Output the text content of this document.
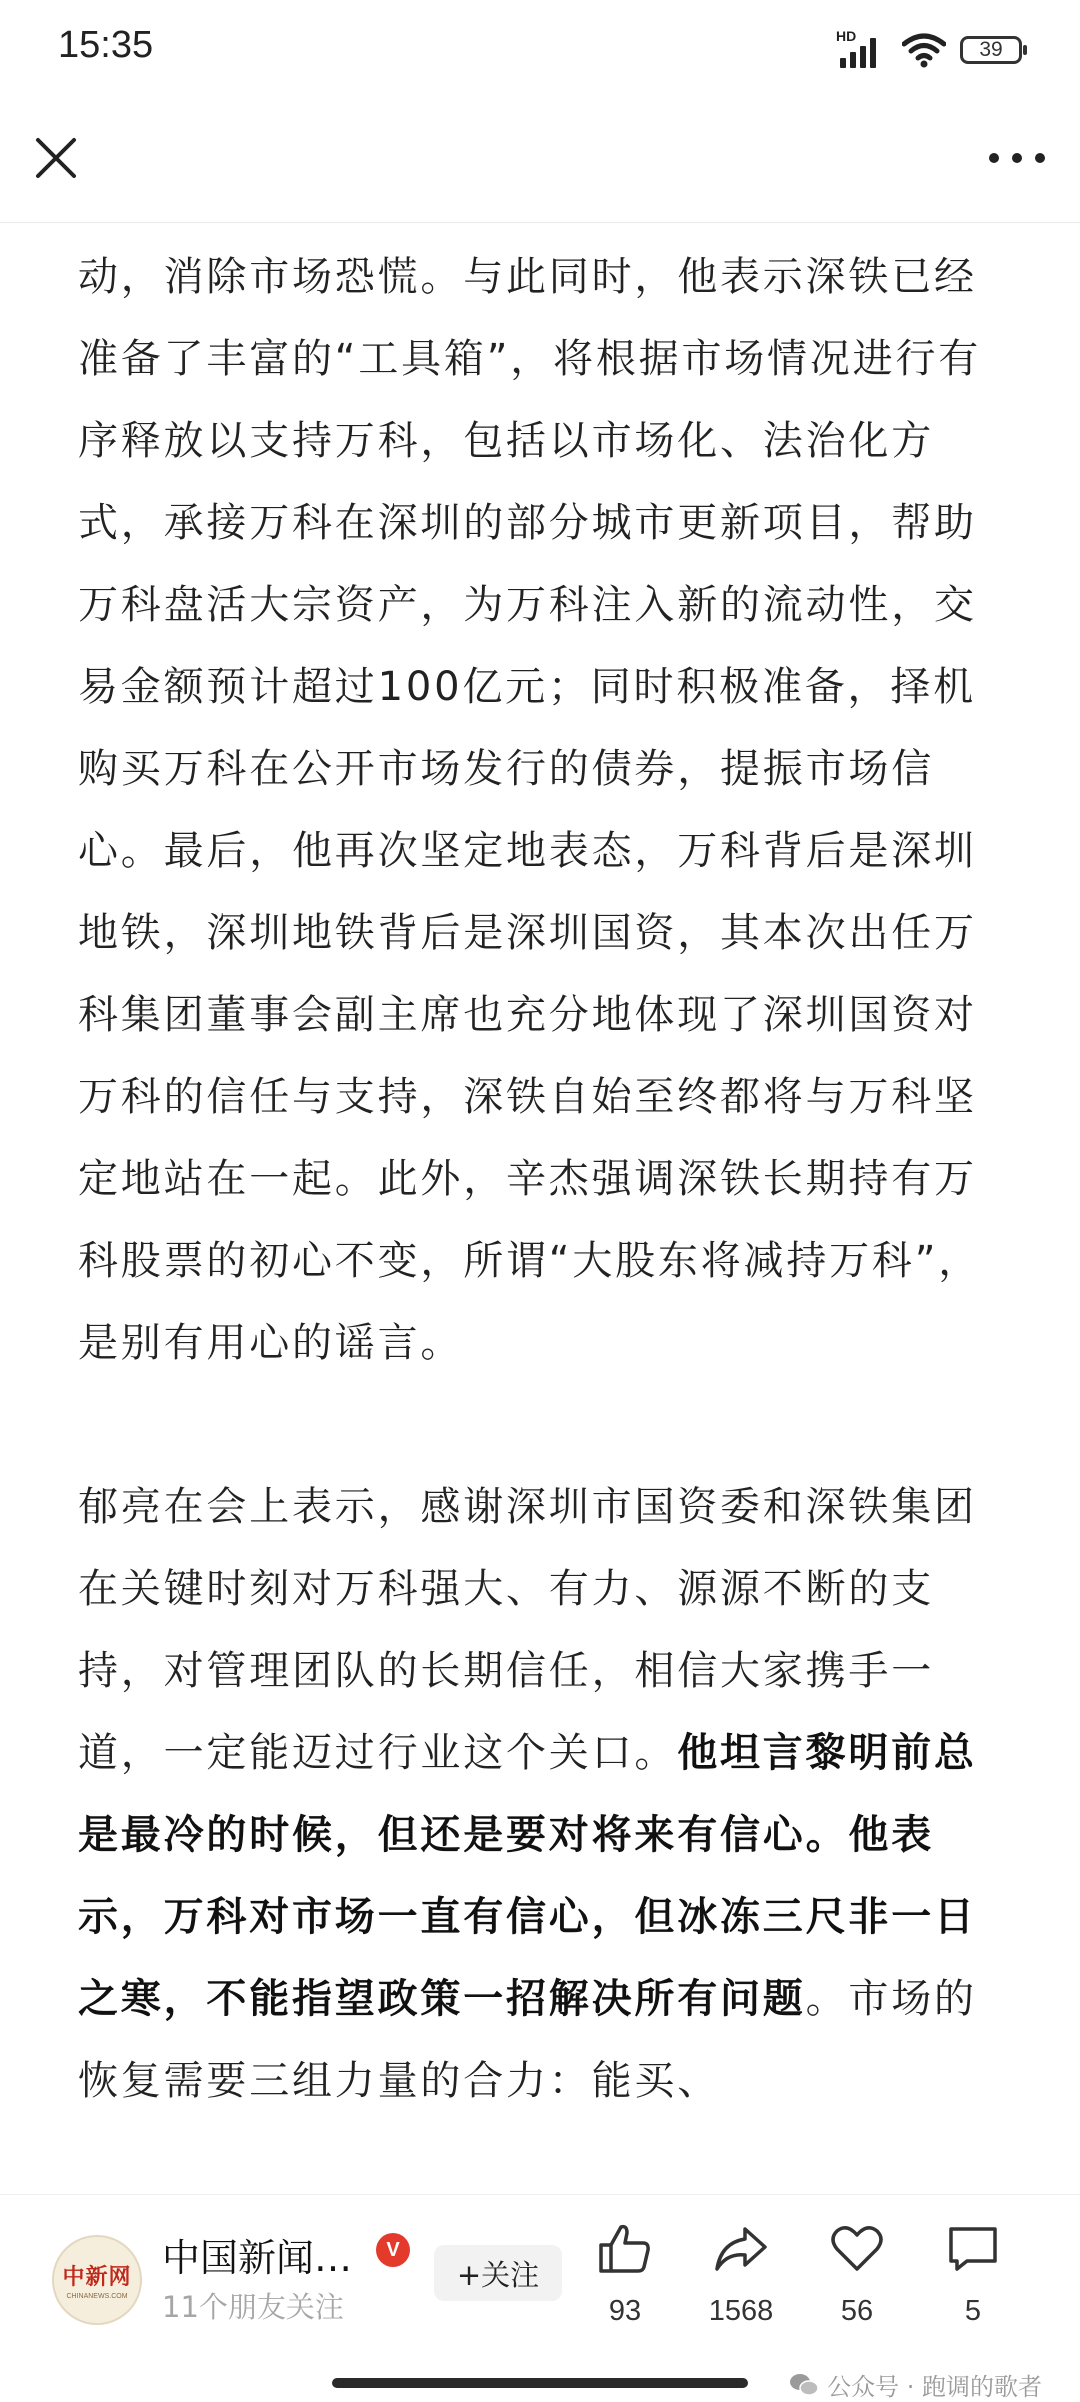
15:35	HD
39

动，消除市场恐慌。与此同时，他表示深铁已经准备了丰富的“工具箱”，将根据市场情况进行有序释放以支持万科，包括以市场化、法治化方式，承接万科在深圳的部分城市更新项目，帮助万科盘活大宗资产，为万科注入新的流动性，交易金额预计超过100亿元；同时积极准备，择机购买万科在公开市场发行的债券，提振市场信心。最后，他再次坚定地表态，万科背后是深圳地铁，深圳地铁背后是深圳国资，其本次出任万科集团董事会副主席也充分地体现了深圳国资对万科的信任与支持，深铁自始至终都将与万科坚定地站在一起。此外，辛杰强调深铁长期持有万科股票的初心不变，所谓“大股东将减持万科”，是别有用心的谣言。

郁亮在会上表示，感谢深圳市国资委和深铁集团在关键时刻对万科强大、有力、源源不断的支持，对管理团队的长期信任，相信大家携手一道，一定能迈过行业这个关口。他坦言黎明前总是最冷的时候，但还是要对将来有信心。他表示，万科对市场一直有信心，但冰冻三尺非一日之寒，不能指望政策一招解决所有问题。市场的恢复需要三组力量的合力：能买、

中新网
CHINANEWS.COM
中国新闻…	V
11个朋友关注
+关注
93	1568	56	5
公众号 · 跑调的歌者
